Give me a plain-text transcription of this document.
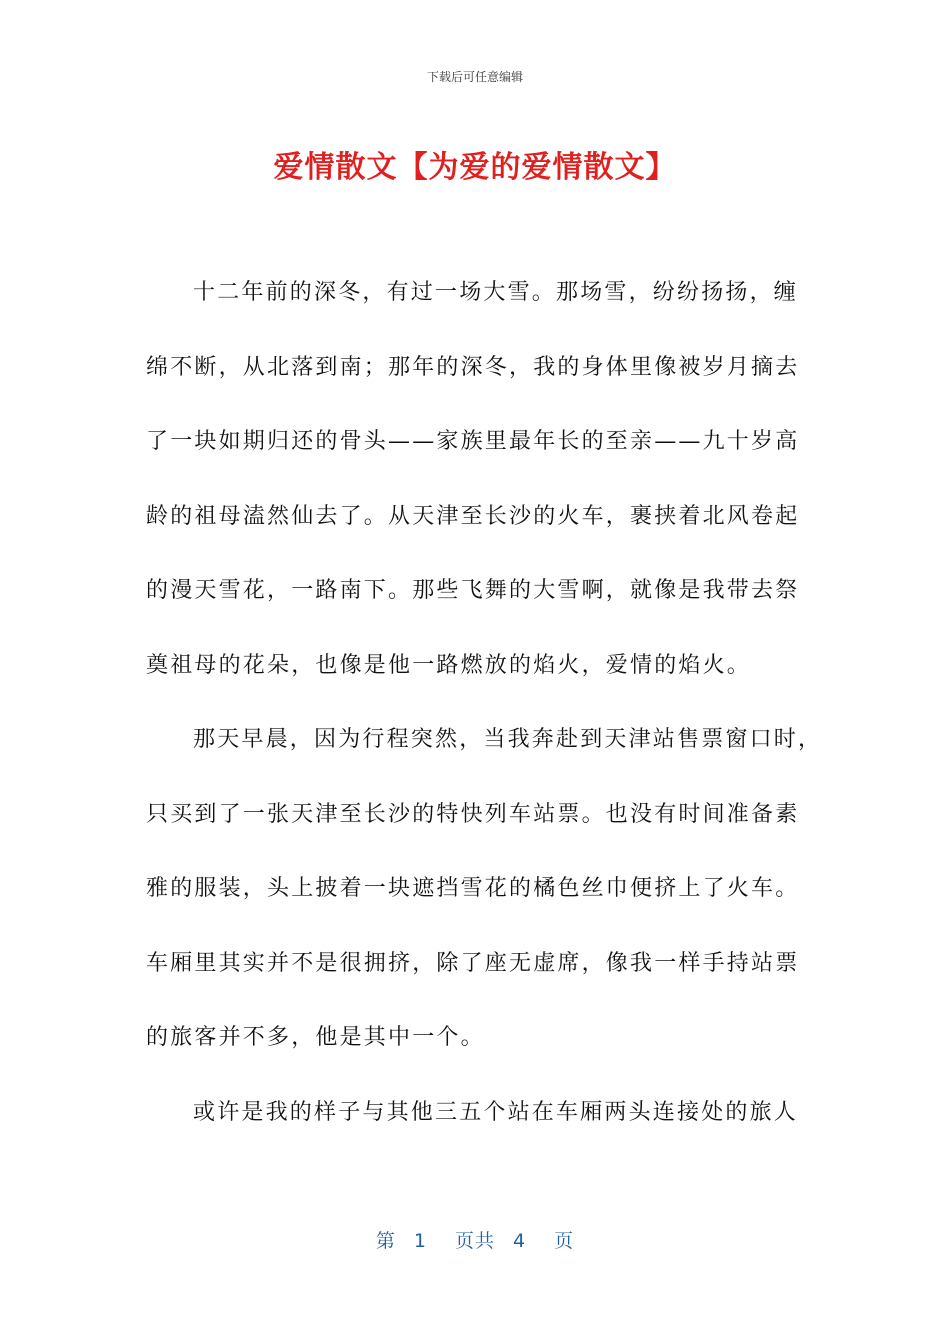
下载后可任意编辑
爱情散文【为爱的爱情散文】
十二年前的深冬，有过一场大雪。那场雪，纷纷扬扬，缠
绵不断，从北落到南；那年的深冬，我的身体里像被岁月摘去
了一块如期归还的骨头——家族里最年长的至亲——九十岁高
龄的祖母溘然仙去了。从天津至长沙的火车，裹挟着北风卷起
的漫天雪花，一路南下。那些飞舞的大雪啊，就像是我带去祭
奠祖母的花朵，也像是他一路燃放的焰火，爱情的焰火。
那天早晨，因为行程突然，当我奔赴到天津站售票窗口时，
只买到了一张天津至长沙的特快列车站票。也没有时间准备素
雅的服装，头上披着一块遮挡雪花的橘色丝巾便挤上了火车。
车厢里其实并不是很拥挤，除了座无虚席，像我一样手持站票
的旅客并不多，他是其中一个。
或许是我的样子与其他三五个站在车厢两头连接处的旅人
第 1 页共 4 页
